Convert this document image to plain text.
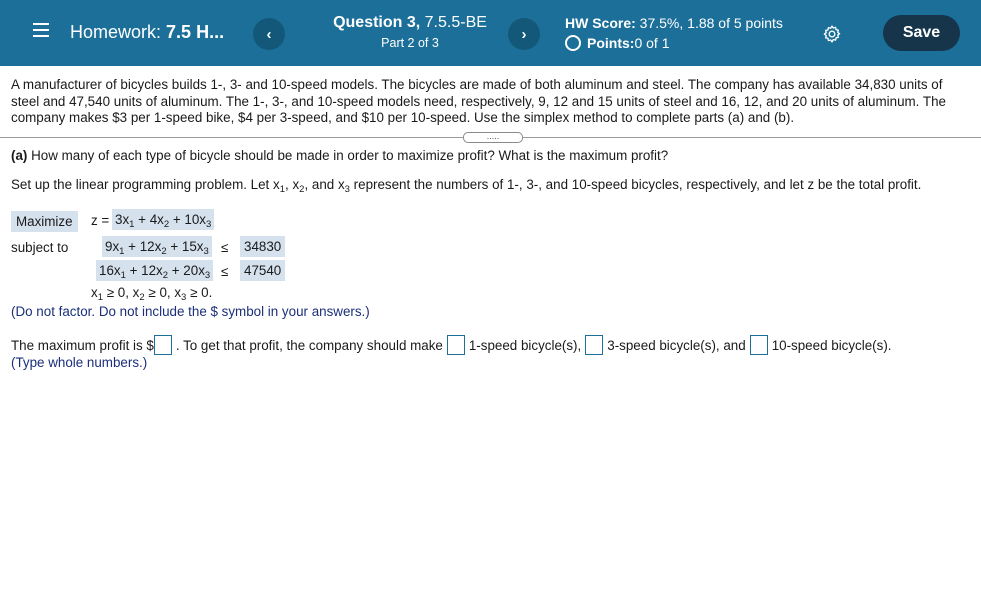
Homework: 7.5 H...	‹
Question 3, 7.5.5-BE
Part 2 of 3
›
HW Score: 37.5%, 1.88 of 5 points
Points: 0 of 1
Save
A manufacturer of bicycles builds 1-, 3- and 10-speed models. The bicycles are made of both aluminum and steel. The company has available 34,830 units of steel and 47,540 units of aluminum. The 1-, 3-, and 10-speed models need, respectively, 9, 12 and 15 units of steel and 16, 12, and 20 units of aluminum. The company makes $3 per 1-speed bike, $4 per 3-speed, and $10 per 10-speed. Use the simplex method to complete parts (a) and (b).
.....
(a) How many of each type of bicycle should be made in order to maximize profit? What is the maximum profit?
Set up the linear programming problem. Let $x_1$, $x_2$, and $x_3$ represent the numbers of 1-, 3-, and 10-speed bicycles, respectively, and let z be the total profit.
Maximize	$z = 3x_1 + 4x_2 + 10x_3$
subject to	$9x_1 + 12x_2 + 15x_3 \le 34830$
$16x_1 + 12x_2 + 20x_3 \le 47540$
$x_1 \ge 0$, $x_2 \ge 0$, $x_3 \ge 0$.
(Do not factor. Do not include the $ symbol in your answers.)
The maximum profit is $ . To get that profit, the company should make 1-speed bicycle(s), 3-speed bicycle(s), and 10-speed bicycle(s).
(Type whole numbers.)
